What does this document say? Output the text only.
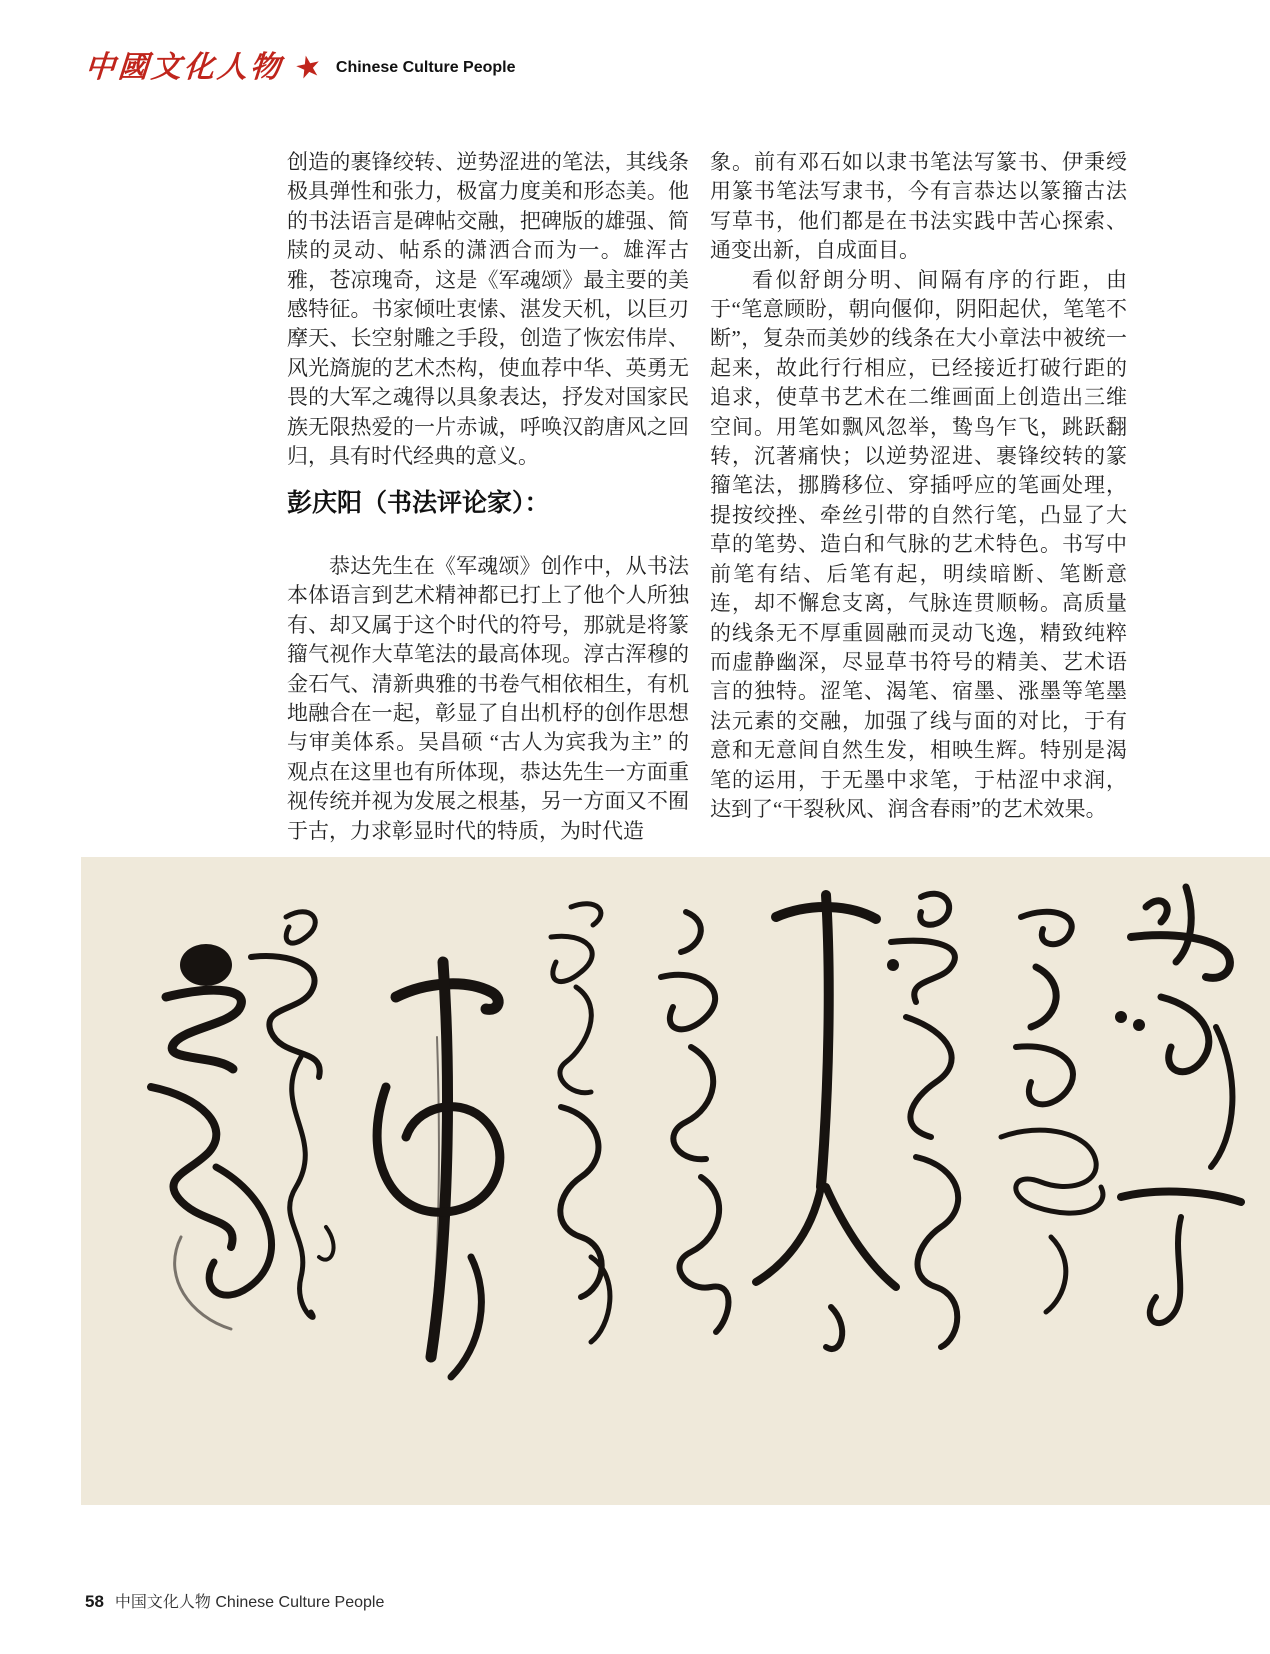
中國文化人物 ★ Chinese Culture People

创造的裹锋绞转、逆势涩进的笔法，其线条极具弹性和张力，极富力度美和形态美。他的书法语言是碑帖交融，把碑版的雄强、简牍的灵动、帖系的潇洒合而为一。雄浑古雅，苍凉瑰奇，这是《军魂颂》最主要的美感特征。书家倾吐衷愫、湛发天机，以巨刃摩天、长空射雕之手段，创造了恢宏伟岸、风光旖旎的艺术杰构，使血荐中华、英勇无畏的大军之魂得以具象表达，抒发对国家民族无限热爱的一片赤诚，呼唤汉韵唐风之回归，具有时代经典的意义。

彭庆阳（书法评论家）：

恭达先生在《军魂颂》创作中，从书法本体语言到艺术精神都已打上了他个人所独有、却又属于这个时代的符号，那就是将篆籀气视作大草笔法的最高体现。淳古浑穆的金石气、清新典雅的书卷气相依相生，有机地融合在一起，彰显了自出机杼的创作思想与审美体系。吴昌硕 “古人为宾我为主” 的观点在这里也有所体现，恭达先生一方面重视传统并视为发展之根基，另一方面又不囿于古，力求彰显时代的特质，为时代造

象。前有邓石如以隶书笔法写篆书、伊秉绶用篆书笔法写隶书，今有言恭达以篆籀古法写草书，他们都是在书法实践中苦心探索、通变出新，自成面目。

看似舒朗分明、间隔有序的行距，由于“笔意顾盼，朝向偃仰，阴阳起伏，笔笔不断”，复杂而美妙的线条在大小章法中被统一起来，故此行行相应，已经接近打破行距的追求，使草书艺术在二维画面上创造出三维空间。用笔如飘风忽举，鸷鸟乍飞，跳跃翻转，沉著痛快；以逆势涩进、裹锋绞转的篆籀笔法，挪腾移位、穿插呼应的笔画处理，提按绞挫、牵丝引带的自然行笔，凸显了大草的笔势、造白和气脉的艺术特色。书写中前笔有结、后笔有起，明续暗断、笔断意连，却不懈怠支离，气脉连贯顺畅。高质量的线条无不厚重圆融而灵动飞逸，精致纯粹而虚静幽深，尽显草书符号的精美、艺术语言的独特。涩笔、渴笔、宿墨、涨墨等笔墨法元素的交融，加强了线与面的对比，于有意和无意间自然生发，相映生辉。特别是渴笔的运用，于无墨中求笔，于枯涩中求润，达到了“干裂秋风、润含春雨”的艺术效果。

58 中国文化人物 Chinese Culture People
